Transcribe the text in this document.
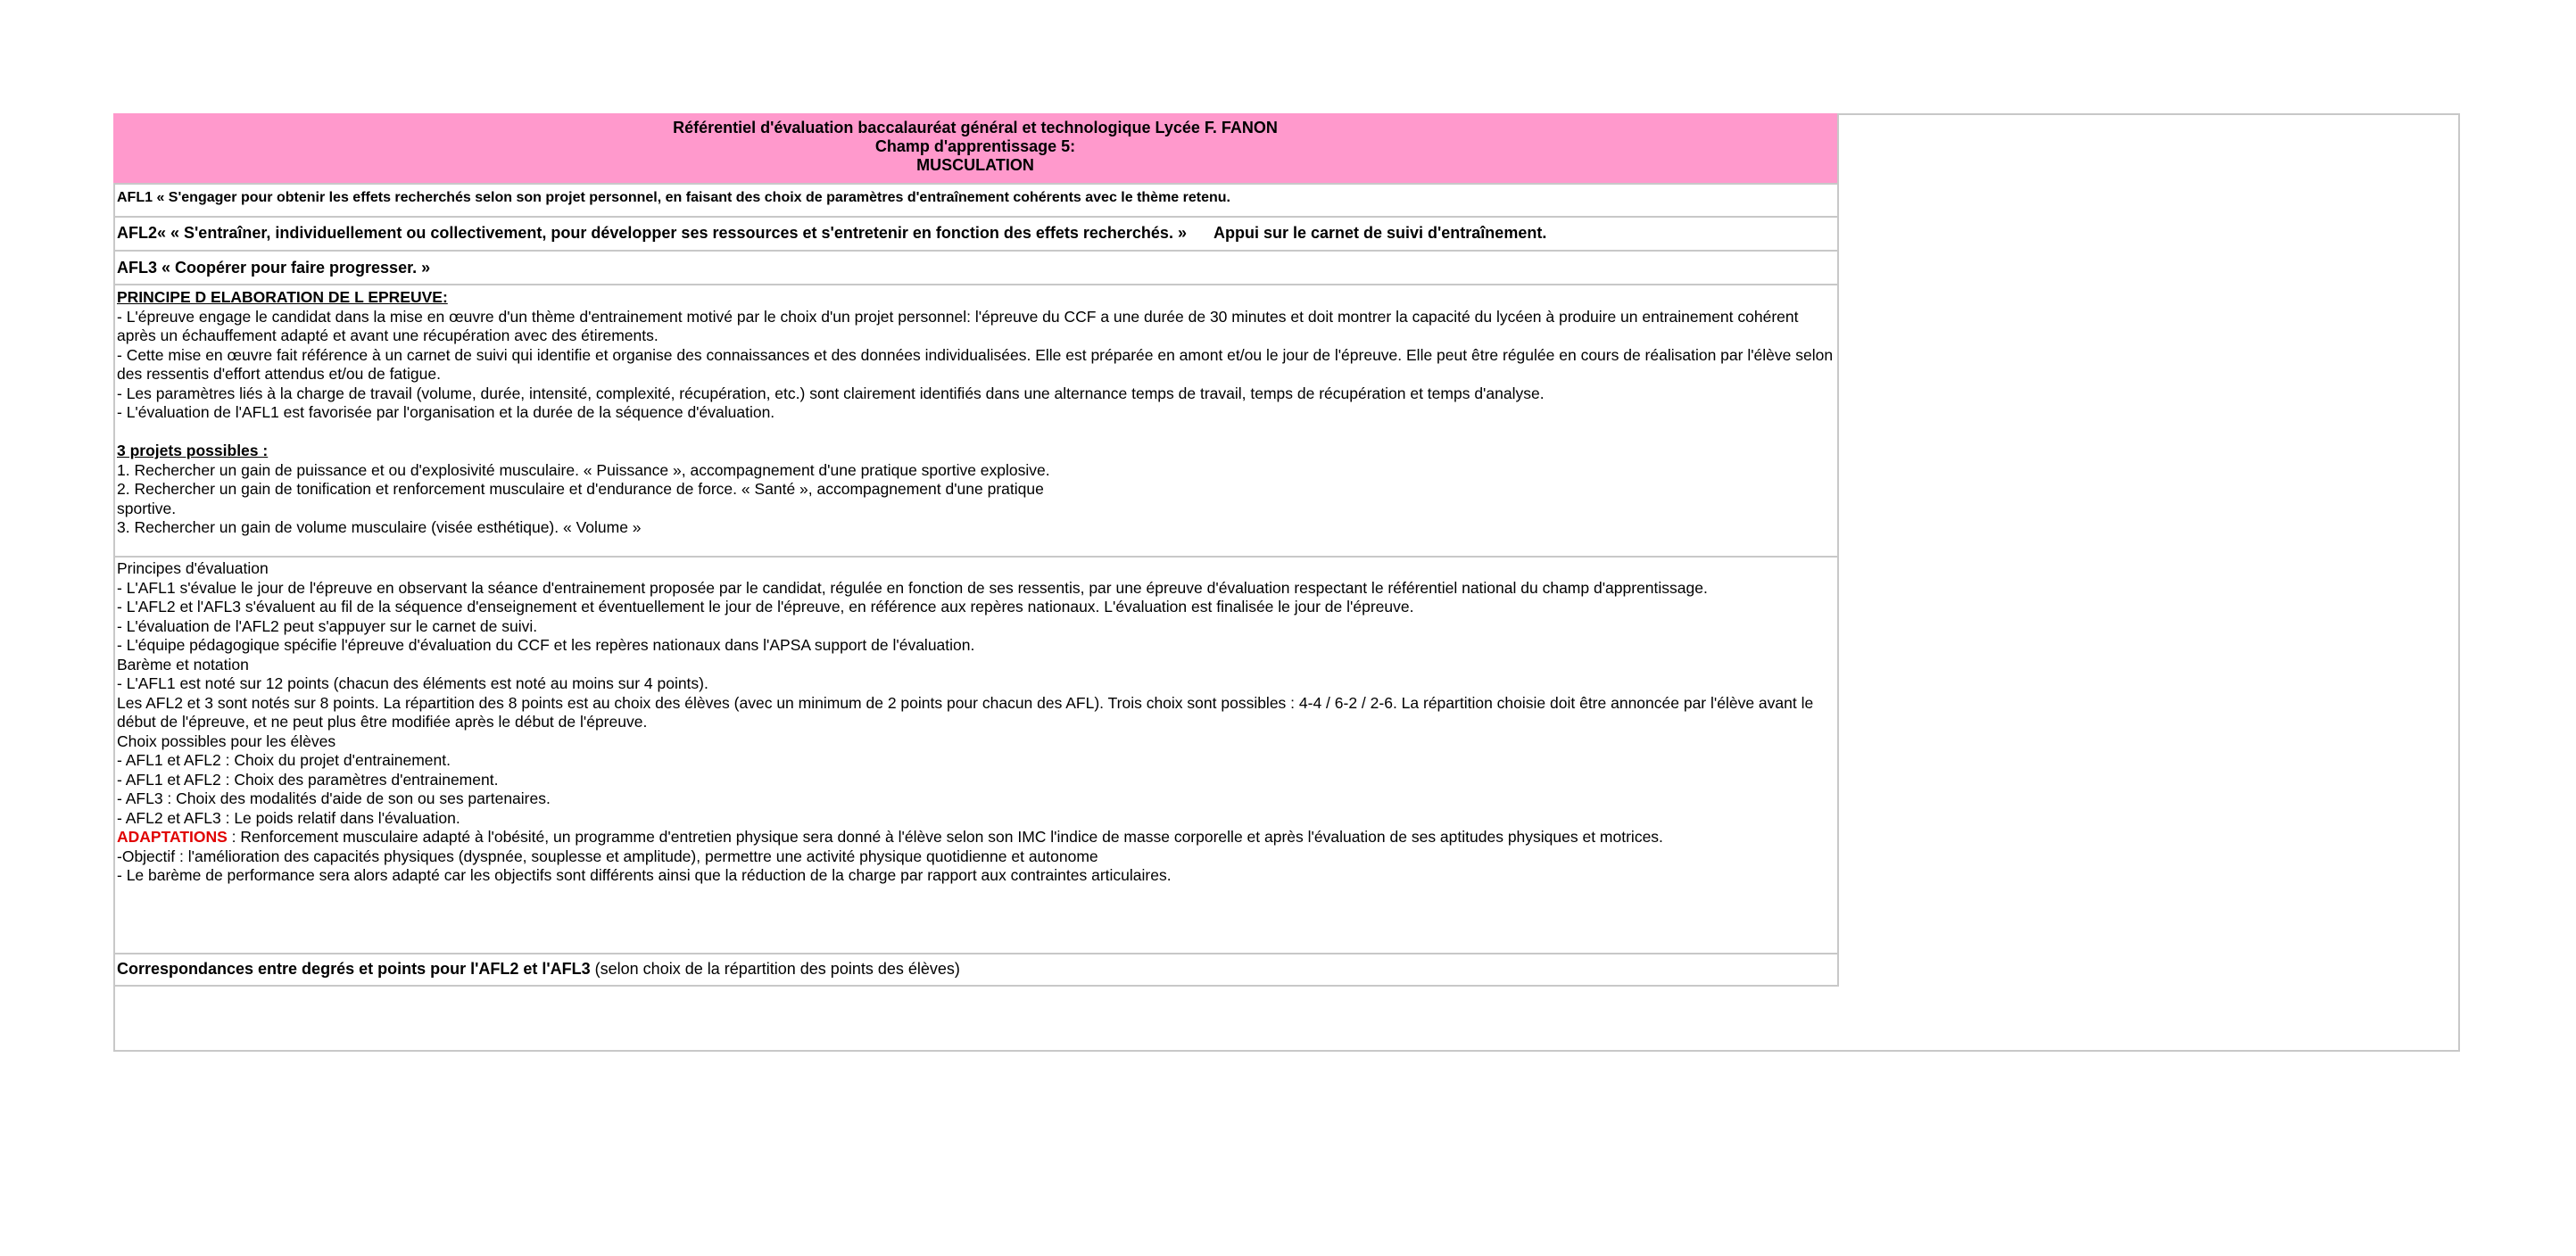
Référentiel d'évaluation baccalauréat général et technologique Lycée F. FANON
Champ d'apprentissage 5:
MUSCULATION
AFL1 « S'engager pour obtenir les effets recherchés selon son projet personnel, en faisant des choix de paramètres d'entraînement cohérents avec le thème retenu.
AFL2« « S'entraîner, individuellement ou collectivement, pour développer ses ressources et s'entretenir en fonction des effets recherchés. » Appui sur le carnet de suivi d'entraînement.
AFL3 « Coopérer pour faire progresser. »
PRINCIPE D ELABORATION DE L EPREUVE:
- L'épreuve engage le candidat dans la mise en œuvre d'un thème d'entrainement motivé par le choix d'un projet personnel: l'épreuve du CCF a une durée de 30 minutes et doit montrer la capacité du lycéen à produire un entrainement cohérent après un échauffement adapté et avant une récupération avec des étirements.
- Cette mise en œuvre fait référence à un carnet de suivi qui identifie et organise des connaissances et des données individualisées. Elle est préparée en amont et/ou le jour de l'épreuve. Elle peut être régulée en cours de réalisation par l'élève selon des ressentis d'effort attendus et/ou de fatigue.
- Les paramètres liés à la charge de travail (volume, durée, intensité, complexité, récupération, etc.) sont clairement identifiés dans une alternance temps de travail, temps de récupération et temps d'analyse.
- L'évaluation de l'AFL1 est favorisée par l'organisation et la durée de la séquence d'évaluation.
3 projets possibles :
1. Rechercher un gain de puissance et ou d'explosivité musculaire. « Puissance », accompagnement d'une pratique sportive explosive.
2. Rechercher un gain de tonification et renforcement musculaire et d'endurance de force. « Santé », accompagnement d'une pratique
sportive.
3. Rechercher un gain de volume musculaire (visée esthétique). « Volume »
Principes d'évaluation
- L'AFL1 s'évalue le jour de l'épreuve en observant la séance d'entrainement proposée par le candidat, régulée en fonction de ses ressentis, par une épreuve d'évaluation respectant le référentiel national du champ d'apprentissage.
- L'AFL2 et l'AFL3 s'évaluent au fil de la séquence d'enseignement et éventuellement le jour de l'épreuve, en référence aux repères nationaux. L'évaluation est finalisée le jour de l'épreuve.
- L'évaluation de l'AFL2 peut s'appuyer sur le carnet de suivi.
- L'équipe pédagogique spécifie l'épreuve d'évaluation du CCF et les repères nationaux dans l'APSA support de l'évaluation.
Barème et notation
- L'AFL1 est noté sur 12 points (chacun des éléments est noté au moins sur 4 points).
Les AFL2 et 3 sont notés sur 8 points. La répartition des 8 points est au choix des élèves (avec un minimum de 2 points pour chacun des AFL). Trois choix sont possibles : 4-4 / 6-2 / 2-6. La répartition choisie doit être annoncée par l'élève avant le début de l'épreuve, et ne peut plus être modifiée après le début de l'épreuve.
Choix possibles pour les élèves
- AFL1 et AFL2 : Choix du projet d'entrainement.
- AFL1 et AFL2 : Choix des paramètres d'entrainement.
- AFL3 : Choix des modalités d'aide de son ou ses partenaires.
- AFL2 et AFL3 : Le poids relatif dans l'évaluation.
ADAPTATIONS : Renforcement musculaire adapté à l'obésité, un programme d'entretien physique sera donné à l'élève selon son IMC l'indice de masse corporelle et après l'évaluation de ses aptitudes physiques et motrices.
-Objectif : l'amélioration des capacités physiques (dyspnée, souplesse et amplitude), permettre une activité physique quotidienne et autonome
- Le barème de performance sera alors adapté car les objectifs sont différents ainsi que la réduction de la charge par rapport aux contraintes articulaires.
Correspondances entre degrés et points pour l'AFL2 et l'AFL3 (selon choix de la répartition des points des élèves)
